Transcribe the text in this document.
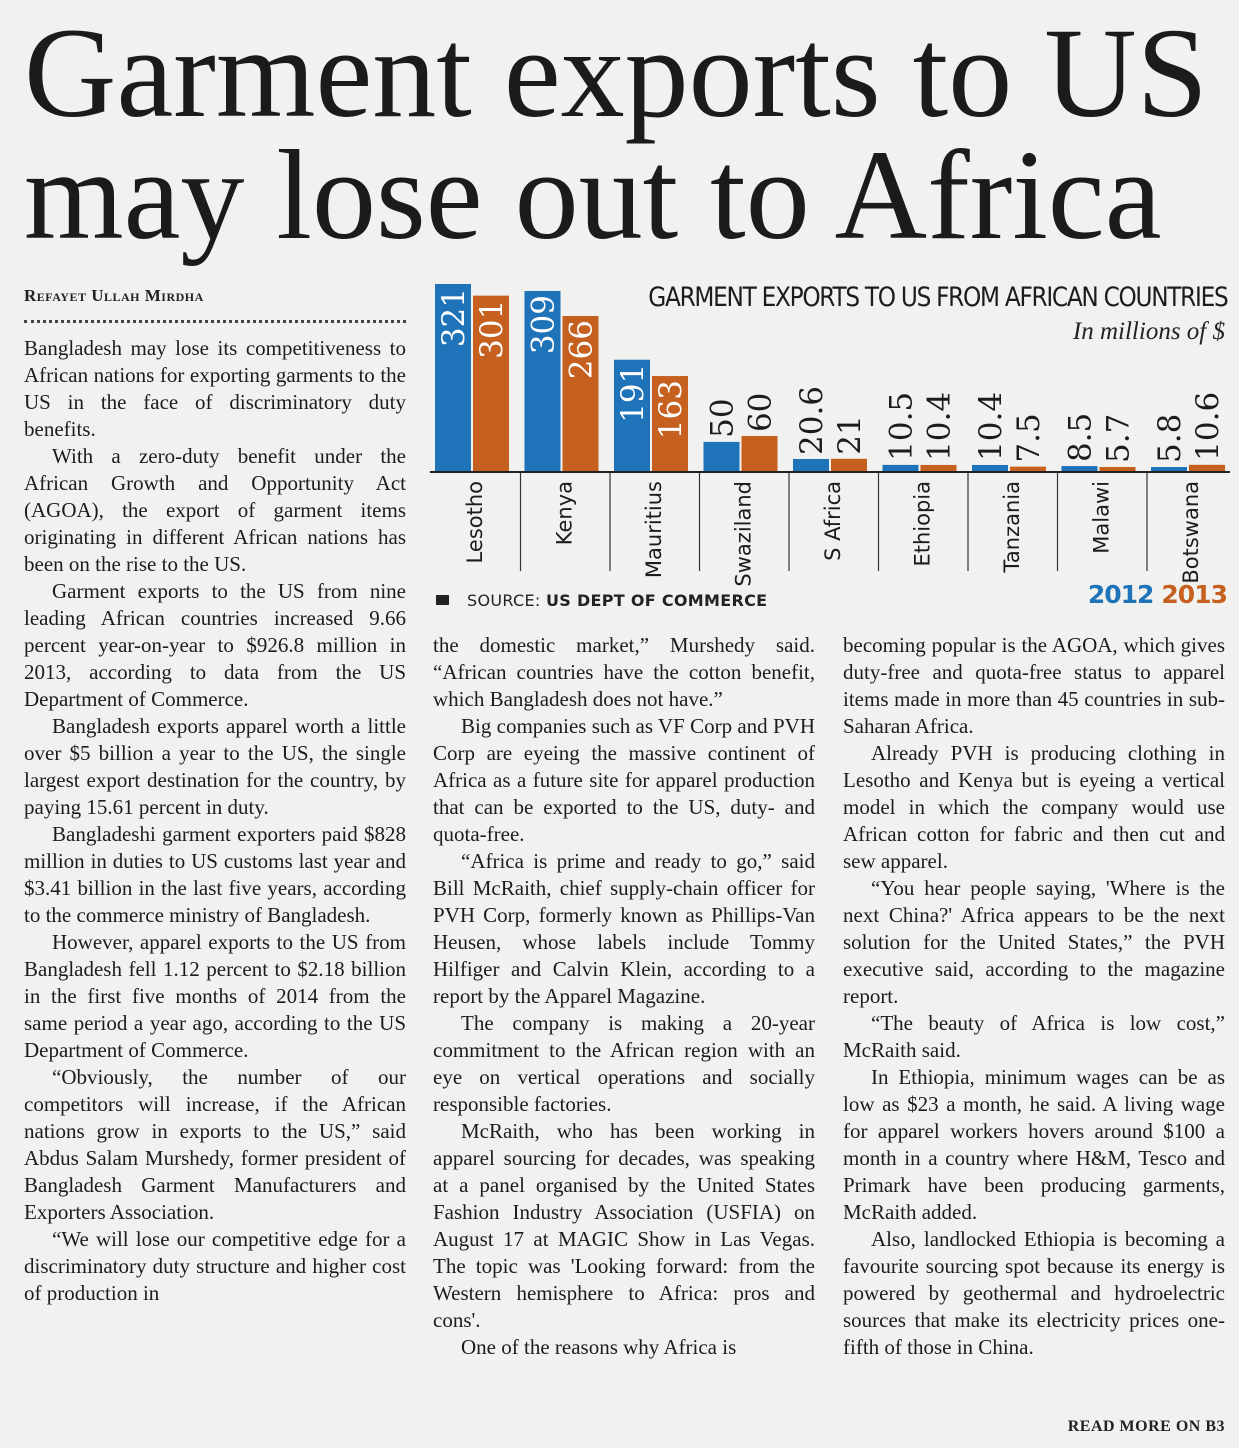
Garment exports to US
may lose out to Africa
Refayet Ullah Mirdha

Bangladesh may lose its competitiveness to African nations for exporting garments to the US in the face of discriminatory duty benefits.

With a zero-duty benefit under the African Growth and Opportunity Act (AGOA), the export of garment items originating in different African nations has been on the rise to the US.

Garment exports to the US from nine leading African countries increased 9.66 percent year-on-year to $926.8 million in 2013, according to data from the US Department of Commerce.

Bangladesh exports apparel worth a little over $5 billion a year to the US, the single largest export destination for the country, by paying 15.61 percent in duty.

Bangladeshi garment exporters paid $828 million in duties to US customs last year and $3.41 billion in the last five years, according to the commerce ministry of Bangladesh.

However, apparel exports to the US from Bangladesh fell 1.12 percent to $2.18 billion in the first five months of 2014 from the same period a year ago, according to the US Department of Commerce.

“Obviously, the number of our competitors will increase, if the African nations grow in exports to the US,” said Abdus Salam Murshedy, former president of Bangladesh Garment Manufacturers and Exporters Association.

“We will lose our competitive edge for a discriminatory duty structure and higher cost of production in

GARMENT EXPORTS TO US FROM AFRICAN COUNTRIES
In millions of $
321 301
Lesotho
309 266
Kenya
191 163
Mauritius
50 60
Swaziland
20.6 21
S Africa
10.5 10.4
Ethiopia
10.4 7.5
Tanzania
8.5 5.7
Malawi
5.8 10.6
Botswana
SOURCE: US DEPT OF COMMERCE	2012 2013

the domestic market,” Murshedy said. “African countries have the cotton benefit, which Bangladesh does not have.”

Big companies such as VF Corp and PVH Corp are eyeing the massive continent of Africa as a future site for apparel production that can be exported to the US, duty- and quota-free.

“Africa is prime and ready to go,” said Bill McRaith, chief supply-chain officer for PVH Corp, formerly known as Phillips-Van Heusen, whose labels include Tommy Hilfiger and Calvin Klein, according to a report by the Apparel Magazine.

The company is making a 20-year commitment to the African region with an eye on vertical operations and socially responsible factories.

McRaith, who has been working in apparel sourcing for decades, was speaking at a panel organised by the United States Fashion Industry Association (USFIA) on August 17 at MAGIC Show in Las Vegas. The topic was 'Looking forward: from the Western hemisphere to Africa: pros and cons'.

One of the reasons why Africa is

becoming popular is the AGOA, which gives duty-free and quota-free status to apparel items made in more than 45 countries in sub-Saharan Africa.

Already PVH is producing clothing in Lesotho and Kenya but is eyeing a vertical model in which the company would use African cotton for fabric and then cut and sew apparel.

“You hear people saying, 'Where is the next China?' Africa appears to be the next solution for the United States,” the PVH executive said, according to the magazine report.

“The beauty of Africa is low cost,” McRaith said.

In Ethiopia, minimum wages can be as low as $23 a month, he said. A living wage for apparel workers hovers around $100 a month in a country where H&M, Tesco and Primark have been producing garments, McRaith added.

Also, landlocked Ethiopia is becoming a favourite sourcing spot because its energy is powered by geothermal and hydroelectric sources that make its electricity prices one-fifth of those in China.

READ MORE ON B3
